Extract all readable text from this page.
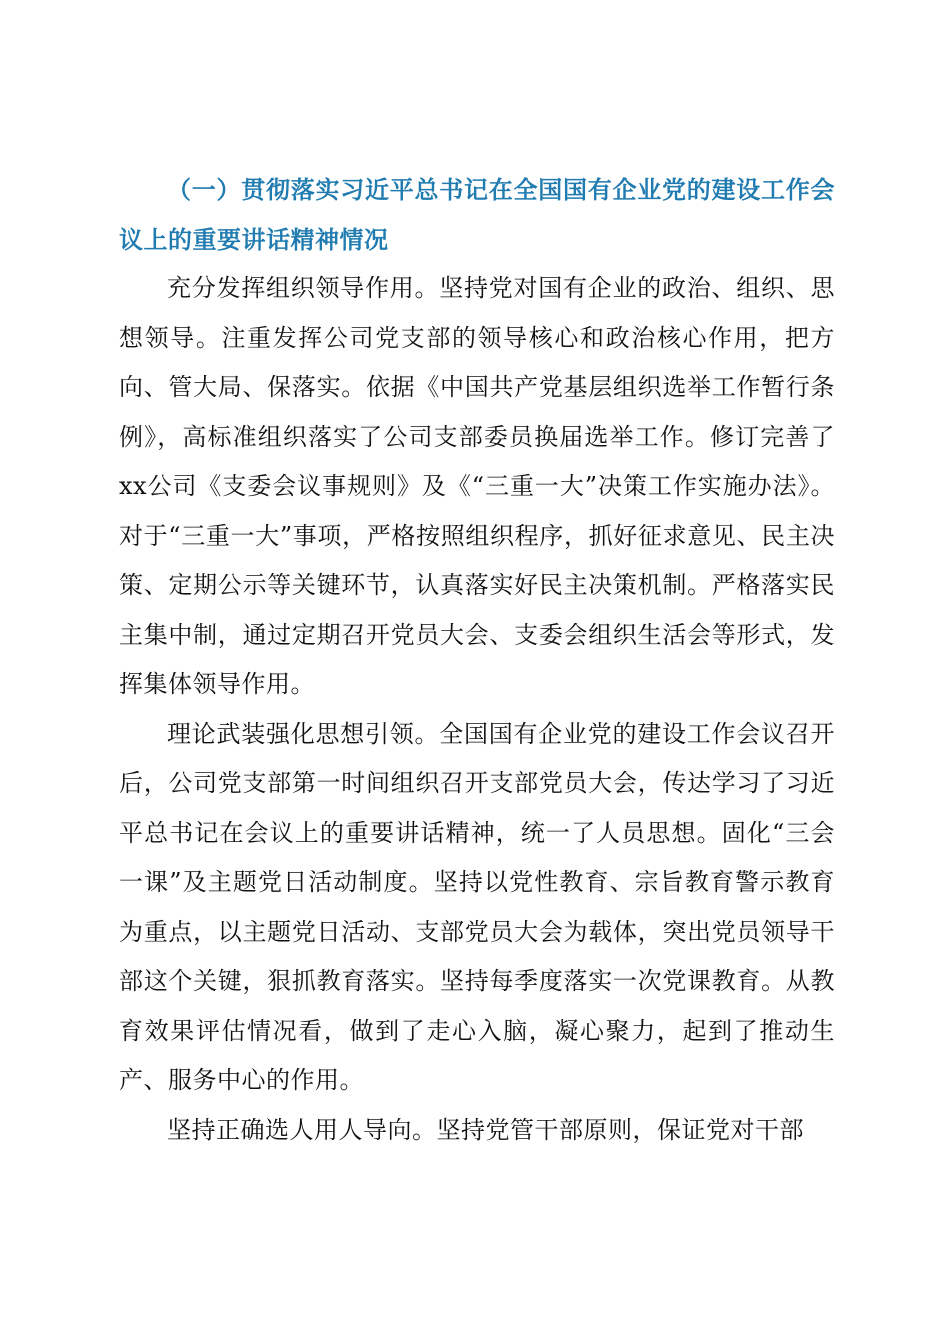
（一）贯彻落实习近平总书记在全国国有企业党的建设工作会议上的重要讲话精神情况

充分发挥组织领导作用。坚持党对国有企业的政治、组织、思想领导。注重发挥公司党支部的领导核心和政治核心作用，把方向、管大局、保落实。依据《中国共产党基层组织选举工作暂行条例》，高标准组织落实了公司支部委员换届选举工作。修订完善了xx公司《支委会议事规则》及《“三重一大”决策工作实施办法》。对于“三重一大”事项，严格按照组织程序，抓好征求意见、民主决策、定期公示等关键环节，认真落实好民主决策机制。严格落实民主集中制，通过定期召开党员大会、支委会组织生活会等形式，发挥集体领导作用。

理论武装强化思想引领。全国国有企业党的建设工作会议召开后，公司党支部第一时间组织召开支部党员大会，传达学习了习近平总书记在会议上的重要讲话精神，统一了人员思想。固化“三会一课”及主题党日活动制度。坚持以党性教育、宗旨教育警示教育为重点，以主题党日活动、支部党员大会为载体，突出党员领导干部这个关键，狠抓教育落实。坚持每季度落实一次党课教育。从教育效果评估情况看，做到了走心入脑，凝心聚力，起到了推动生产、服务中心的作用。

坚持正确选人用人导向。坚持党管干部原则，保证党对干部
